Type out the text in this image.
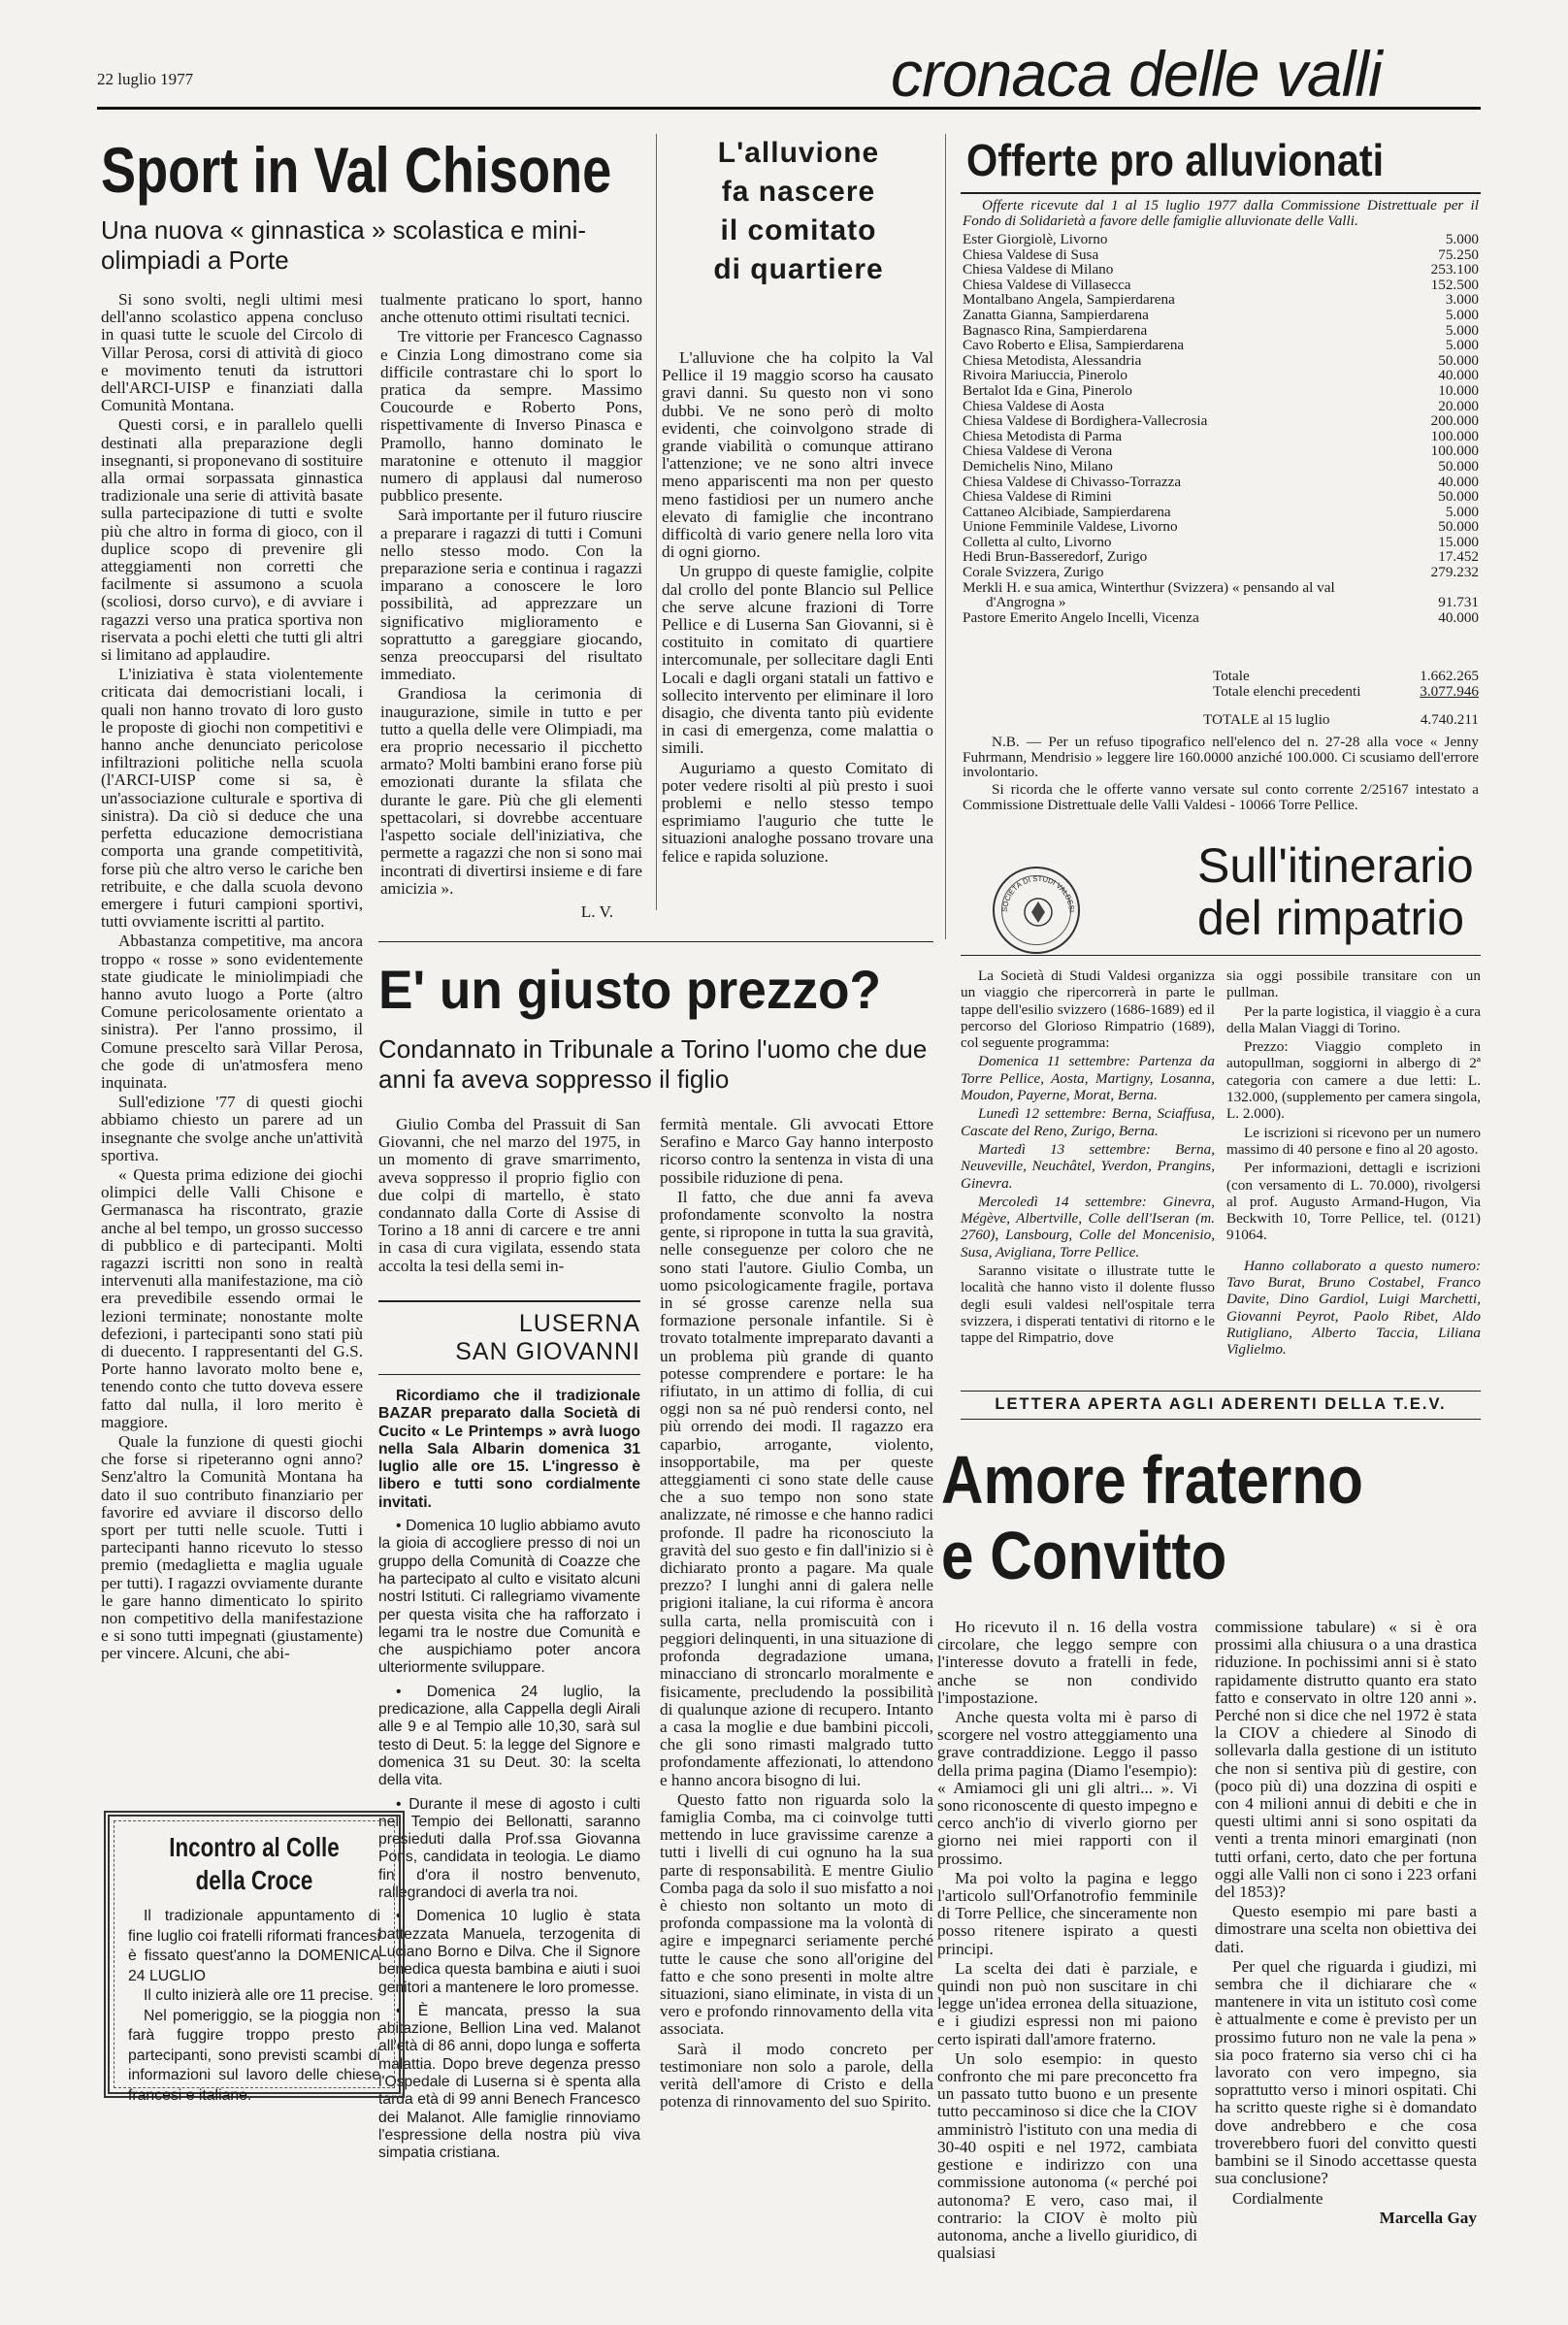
22 luglio 1977	cronaca delle valli
Sport in Val Chisone
Una nuova « ginnastica » scolastica e mini-olimpiadi a Porte

Si sono svolti, negli ultimi mesi dell'anno scolastico appena concluso in quasi tutte le scuole del Circolo di Villar Perosa, corsi di attività di gioco e movimento tenuti da istruttori dell'ARCI-UISP e finanziati dalla Comunità Montana.

Questi corsi, e in parallelo quelli destinati alla preparazione degli insegnanti, si proponevano di sostituire alla ormai sorpassata ginnastica tradizionale una serie di attività basate sulla partecipazione di tutti e svolte più che altro in forma di gioco, con il duplice scopo di prevenire gli atteggiamenti non corretti che facilmente si assumono a scuola (scoliosi, dorso curvo), e di avviare i ragazzi verso una pratica sportiva non riservata a pochi eletti che tutti gli altri si limitano ad applaudire.

L'iniziativa è stata violentemente criticata dai democristiani locali, i quali non hanno trovato di loro gusto le proposte di giochi non competitivi e hanno anche denunciato pericolose infiltrazioni politiche nella scuola (l'ARCI-UISP come si sa, è un'associazione culturale e sportiva di sinistra). Da ciò si deduce che una perfetta educazione democristiana comporta una grande competitività, forse più che altro verso le cariche ben retribuite, e che dalla scuola devono emergere i futuri campioni sportivi, tutti ovviamente iscritti al partito.

Abbastanza competitive, ma ancora troppo « rosse » sono evidentemente state giudicate le miniolimpiadi che hanno avuto luogo a Porte (altro Comune pericolosamente orientato a sinistra). Per l'anno prossimo, il Comune prescelto sarà Villar Perosa, che gode di un'atmosfera meno inquinata.

Sull'edizione '77 di questi giochi abbiamo chiesto un parere ad un insegnante che svolge anche un'attività sportiva.

« Questa prima edizione dei giochi olimpici delle Valli Chisone e Germanasca ha riscontrato, grazie anche al bel tempo, un grosso successo di pubblico e di partecipanti. Molti ragazzi iscritti non sono in realtà intervenuti alla manifestazione, ma ciò era prevedibile essendo ormai le lezioni terminate; nonostante molte defezioni, i partecipanti sono stati più di duecento. I rappresentanti del G.S. Porte hanno lavorato molto bene e, tenendo conto che tutto doveva essere fatto dal nulla, il loro merito è maggiore.

Quale la funzione di questi giochi che forse si ripeteranno ogni anno? Senz'altro la Comunità Montana ha dato il suo contributo finanziario per favorire ed avviare il discorso dello sport per tutti nelle scuole. Tutti i partecipanti hanno ricevuto lo stesso premio (medaglietta e maglia uguale per tutti). I ragazzi ovviamente durante le gare hanno dimenticato lo spirito non competitivo della manifestazione e si sono tutti impegnati (giustamente) per vincere. Alcuni, che abi-

tualmente praticano lo sport, hanno anche ottenuto ottimi risultati tecnici.

Tre vittorie per Francesco Cagnasso e Cinzia Long dimostrano come sia difficile contrastare chi lo sport lo pratica da sempre. Massimo Coucourde e Roberto Pons, rispettivamente di Inverso Pinasca e Pramollo, hanno dominato le maratonine e ottenuto il maggior numero di applausi dal numeroso pubblico presente.

Sarà importante per il futuro riuscire a preparare i ragazzi di tutti i Comuni nello stesso modo. Con la preparazione seria e continua i ragazzi imparano a conoscere le loro possibilità, ad apprezzare un significativo miglioramento e soprattutto a gareggiare giocando, senza preoccuparsi del risultato immediato.

Grandiosa la cerimonia di inaugurazione, simile in tutto e per tutto a quella delle vere Olimpiadi, ma era proprio necessario il picchetto armato? Molti bambini erano forse più emozionati durante la sfilata che durante le gare. Più che gli elementi spettacolari, si dovrebbe accentuare l'aspetto sociale dell'iniziativa, che permette a ragazzi che non si sono mai incontrati di divertirsi insieme e di fare amicizia ».

L. V.
L'alluvione
fa nascere
il comitato
di quartiere

L'alluvione che ha colpito la Val Pellice il 19 maggio scorso ha causato gravi danni. Su questo non vi sono dubbi. Ve ne sono però di molto evidenti, che coinvolgono strade di grande viabilità o comunque attirano l'attenzione; ve ne sono altri invece meno appariscenti ma non per questo meno fastidiosi per un numero anche elevato di famiglie che incontrano difficoltà di vario genere nella loro vita di ogni giorno.

Un gruppo di queste famiglie, colpite dal crollo del ponte Blancio sul Pellice che serve alcune frazioni di Torre Pellice e di Luserna San Giovanni, si è costituito in comitato di quartiere intercomunale, per sollecitare dagli Enti Locali e dagli organi statali un fattivo e sollecito intervento per eliminare il loro disagio, che diventa tanto più evidente in casi di emergenza, come malattia o simili.

Auguriamo a questo Comitato di poter vedere risolti al più presto i suoi problemi e nello stesso tempo esprimiamo l'augurio che tutte le situazioni analoghe possano trovare una felice e rapida soluzione.

Offerte pro alluvionati
Offerte ricevute dal 1 al 15 luglio 1977 dalla Commissione Distrettuale per il Fondo di Solidarietà a favore delle famiglie alluvionate delle Valli.
Ester Giorgiolè, Livorno	5.000
Chiesa Valdese di Susa	75.250
Chiesa Valdese di Milano	253.100
Chiesa Valdese di Villasecca	152.500
Montalbano Angela, Sampierdarena	3.000
Zanatta Gianna, Sampierdarena	5.000
Bagnasco Rina, Sampierdarena	5.000
Cavo Roberto e Elisa, Sampierdarena	5.000
Chiesa Metodista, Alessandria	50.000
Rivoira Mariuccia, Pinerolo	40.000
Bertalot Ida e Gina, Pinerolo	10.000
Chiesa Valdese di Aosta	20.000
Chiesa Valdese di Bordighera-Vallecrosia	200.000
Chiesa Metodista di Parma	100.000
Chiesa Valdese di Verona	100.000
Demichelis Nino, Milano	50.000
Chiesa Valdese di Chivasso-Torrazza	40.000
Chiesa Valdese di Rimini	50.000
Cattaneo Alcibiade, Sampierdarena	5.000
Unione Femminile Valdese, Livorno	50.000
Colletta al culto, Livorno	15.000
Hedi Brun-Basseredorf, Zurigo	17.452
Corale Svizzera, Zurigo	279.232
Merkli H. e sua amica, Winterthur (Svizzera) « pensando al val
d'Angrogna »	91.731
Pastore Emerito Angelo Incelli, Vicenza	40.000
Totale	1.662.265
Totale elenchi precedenti	3.077.946
TOTALE al 15 luglio	4.740.211
N.B. — Per un refuso tipografico nell'elenco del n. 27-28 alla voce « Jenny Fuhrmann, Mendrisio » leggere lire 160.0000 anziché 100.000. Ci scusiamo dell'errore involontario.
Si ricorda che le offerte vanno versate sul conto corrente 2/25167 intestato a Commissione Distrettuale delle Valli Valdesi - 10066 Torre Pellice.
SOCIETÀ DI STUDI VALDESI
Sull'itinerario
del rimpatrio

La Società di Studi Valdesi organizza un viaggio che ripercorrerà in parte le tappe dell'esilio svizzero (1686-1689) ed il percorso del Glorioso Rimpatrio (1689), col seguente programma:

Domenica 11 settembre: Partenza da Torre Pellice, Aosta, Martigny, Losanna, Moudon, Payerne, Morat, Berna.

Lunedì 12 settembre: Berna, Sciaffusa, Cascate del Reno, Zurigo, Berna.

Martedì 13 settembre: Berna, Neuveville, Neuchâtel, Yverdon, Prangins, Ginevra.

Mercoledì 14 settembre: Ginevra, Mégève, Albertville, Colle dell'Iseran (m. 2760), Lansbourg, Colle del Moncenisio, Susa, Avigliana, Torre Pellice.

Saranno visitate o illustrate tutte le località che hanno visto il dolente flusso degli esuli valdesi nell'ospitale terra svizzera, i disperati tentativi di ritorno e le tappe del Rimpatrio, dove

sia oggi possibile transitare con un pullman.

Per la parte logistica, il viaggio è a cura della Malan Viaggi di Torino.

Prezzo: Viaggio completo in autopullman, soggiorni in albergo di 2ª categoria con camere a due letti: L. 132.000, (supplemento per camera singola, L. 2.000).

Le iscrizioni si ricevono per un numero massimo di 40 persone e fino al 20 agosto.

Per informazioni, dettagli e iscrizioni (con versamento di L. 70.000), rivolgersi al prof. Augusto Armand-Hugon, Via Beckwith 10, Torre Pellice, tel. (0121) 91064.

Hanno collaborato a questo numero: Tavo Burat, Bruno Costabel, Franco Davite, Dino Gardiol, Luigi Marchetti, Giovanni Peyrot, Paolo Ribet, Aldo Rutigliano, Alberto Taccia, Liliana Viglielmo.

LETTERA APERTA AGLI ADERENTI DELLA T.E.V.
Amore fraterno
e Convitto

Ho ricevuto il n. 16 della vostra circolare, che leggo sempre con l'interesse dovuto a fratelli in fede, anche se non condivido l'impostazione.

Anche questa volta mi è parso di scorgere nel vostro atteggiamento una grave contraddizione. Leggo il passo della prima pagina (Diamo l'esempio): « Amiamoci gli uni gli altri... ». Vi sono riconoscente di questo impegno e cerco anch'io di viverlo giorno per giorno nei miei rapporti con il prossimo.

Ma poi volto la pagina e leggo l'articolo sull'Orfanotrofio femminile di Torre Pellice, che sinceramente non posso ritenere ispirato a questi principi.

La scelta dei dati è parziale, e quindi non può non suscitare in chi legge un'idea erronea della situazione, e i giudizi espressi non mi paiono certo ispirati dall'amore fraterno.

Un solo esempio: in questo confronto che mi pare preconcetto fra un passato tutto buono e un presente tutto peccaminoso si dice che la CIOV amministrò l'istituto con una media di 30-40 ospiti e nel 1972, cambiata gestione e indirizzo con una commissione autonoma (« perché poi autonoma? E vero, caso mai, il contrario: la CIOV è molto più autonoma, anche a livello giuridico, di qualsiasi

commissione tabulare) « si è ora prossimi alla chiusura o a una drastica riduzione. In pochissimi anni si è stato rapidamente distrutto quanto era stato fatto e conservato in oltre 120 anni ». Perché non si dice che nel 1972 è stata la CIOV a chiedere al Sinodo di sollevarla dalla gestione di un istituto che non si sentiva più di gestire, con (poco più di) una dozzina di ospiti e con 4 milioni annui di debiti e che in questi ultimi anni si sono ospitati da venti a trenta minori emarginati (non tutti orfani, certo, dato che per fortuna oggi alle Valli non ci sono i 223 orfani del 1853)?

Questo esempio mi pare basti a dimostrare una scelta non obiettiva dei dati.

Per quel che riguarda i giudizi, mi sembra che il dichiarare che « mantenere in vita un istituto così come è attualmente e come è previsto per un prossimo futuro non ne vale la pena » sia poco fraterno sia verso chi ci ha lavorato con vero impegno, sia soprattutto verso i minori ospitati. Chi ha scritto queste righe si è domandato dove andrebbero e che cosa troverebbero fuori del convitto questi bambini se il Sinodo accettasse questa sua conclusione?

Cordialmente

Marcella Gay
E' un giusto prezzo?
Condannato in Tribunale a Torino l'uomo che due anni fa aveva soppresso il figlio

Giulio Comba del Prassuit di San Giovanni, che nel marzo del 1975, in un momento di grave smarrimento, aveva soppresso il proprio figlio con due colpi di martello, è stato condannato dalla Corte di Assise di Torino a 18 anni di carcere e tre anni in casa di cura vigilata, essendo stata accolta la tesi della semi in-

fermità mentale. Gli avvocati Ettore Serafino e Marco Gay hanno interposto ricorso contro la sentenza in vista di una possibile riduzione di pena.

Il fatto, che due anni fa aveva profondamente sconvolto la nostra gente, si ripropone in tutta la sua gravità, nelle conseguenze per coloro che ne sono stati l'autore. Giulio Comba, un uomo psicologicamente fragile, portava in sé grosse carenze nella sua formazione personale infantile. Si è trovato totalmente impreparato davanti a un problema più grande di quanto potesse comprendere e portare: le ha rifiutato, in un attimo di follia, di cui oggi non sa né può rendersi conto, nel più orrendo dei modi. Il ragazzo era caparbio, arrogante, violento, insopportabile, ma per queste atteggiamenti ci sono state delle cause che a suo tempo non sono state analizzate, né rimosse e che hanno radici profonde. Il padre ha riconosciuto la gravità del suo gesto e fin dall'inizio si è dichiarato pronto a pagare. Ma quale prezzo? I lunghi anni di galera nelle prigioni italiane, la cui riforma è ancora sulla carta, nella promiscuità con i peggiori delinquenti, in una situazione di profonda degradazione umana, minacciano di stroncarlo moralmente e fisicamente, precludendo la possibilità di qualunque azione di recupero. Intanto a casa la moglie e due bambini piccoli, che gli sono rimasti malgrado tutto profondamente affezionati, lo attendono e hanno ancora bisogno di lui.

Questo fatto non riguarda solo la famiglia Comba, ma ci coinvolge tutti mettendo in luce gravissime carenze a tutti i livelli di cui ognuno ha la sua parte di responsabilità. E mentre Giulio Comba paga da solo il suo misfatto a noi è chiesto non soltanto un moto di profonda compassione ma la volontà di agire e impegnarci seriamente perché tutte le cause che sono all'origine del fatto e che sono presenti in molte altre situazioni, siano eliminate, in vista di un vero e profondo rinnovamento della vita associata.

Sarà il modo concreto per testimoniare non solo a parole, della verità dell'amore di Cristo e della potenza di rinnovamento del suo Spirito.

LUSERNA
SAN GIOVANNI

Ricordiamo che il tradizionale BAZAR preparato dalla Società di Cucito « Le Printemps » avrà luogo nella Sala Albarin domenica 31 luglio alle ore 15. L'ingresso è libero e tutti sono cordialmente invitati.

• Domenica 10 luglio abbiamo avuto la gioia di accogliere presso di noi un gruppo della Comunità di Coazze che ha partecipato al culto e visitato alcuni nostri Istituti. Ci rallegriamo vivamente per questa visita che ha rafforzato i legami tra le nostre due Comunità e che auspichiamo poter ancora ulteriormente sviluppare.

• Domenica 24 luglio, la predicazione, alla Cappella degli Airali alle 9 e al Tempio alle 10,30, sarà sul testo di Deut. 5: la legge del Signore e domenica 31 su Deut. 30: la scelta della vita.

• Durante il mese di agosto i culti nel Tempio dei Bellonatti, saranno presieduti dalla Prof.ssa Giovanna Pons, candidata in teologia. Le diamo fin d'ora il nostro benvenuto, rallegrandoci di averla tra noi.

• Domenica 10 luglio è stata battezzata Manuela, terzogenita di Luciano Borno e Dilva. Che il Signore benedica questa bambina e aiuti i suoi genitori a mantenere le loro promesse.

• È mancata, presso la sua abitazione, Bellion Lina ved. Malanot all'età di 86 anni, dopo lunga e sofferta malattia. Dopo breve degenza presso l'Ospedale di Luserna si è spenta alla tarda età di 99 anni Benech Francesco dei Malanot. Alle famiglie rinnoviamo l'espressione della nostra più viva simpatia cristiana.

Incontro al Colle
della Croce

Il tradizionale appuntamento di fine luglio coi fratelli riformati francesi è fissato quest'anno la DOMENICA 24 LUGLIO

Il culto inizierà alle ore 11 precise.

Nel pomeriggio, se la pioggia non farà fuggire troppo presto i partecipanti, sono previsti scambi di informazioni sul lavoro delle chiese francesi e italiane.
